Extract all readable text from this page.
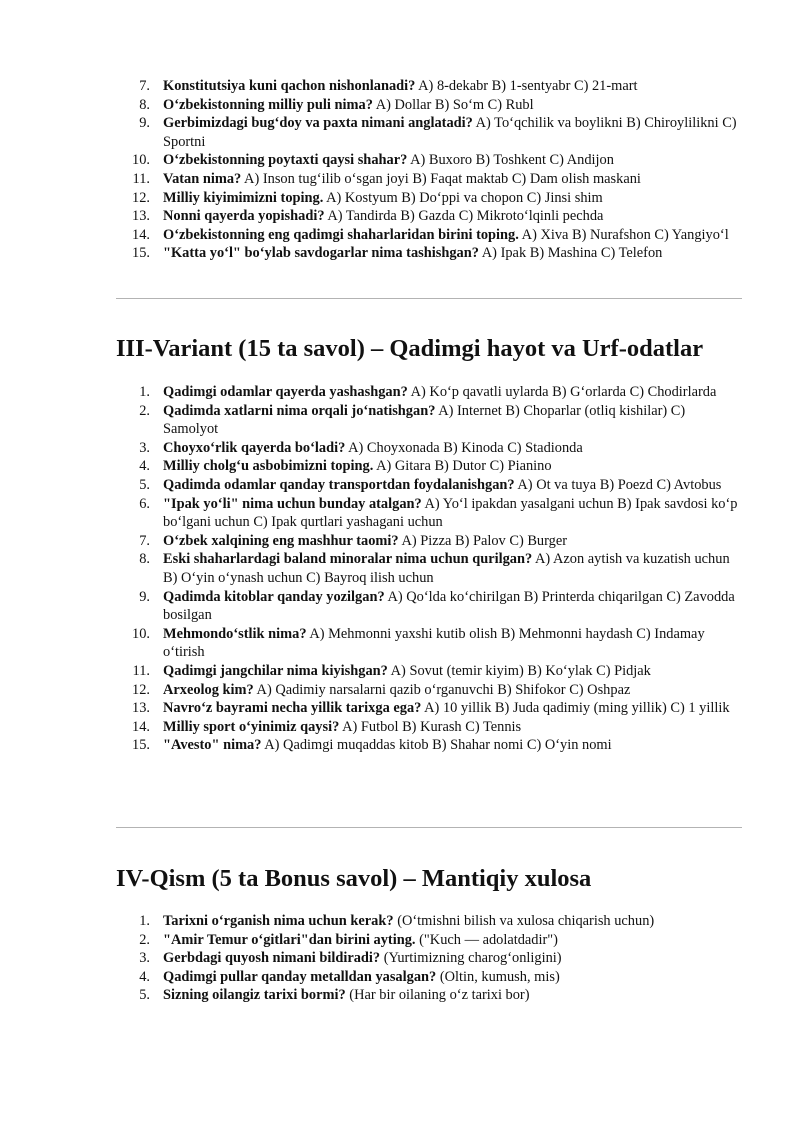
7. Konstitutsiya kuni qachon nishonlanadi? A) 8-dekabr B) 1-sentyabr C) 21-mart
8. O‘zbekistonning milliy puli nima? A) Dollar B) So‘m C) Rubl
9. Gerbimizdagi bug‘doy va paxta nimani anglatadi? A) To‘qchilik va boylikni B) Chiroylilikni C) Sportni
10. O‘zbekistonning poytaxti qaysi shahar? A) Buxoro B) Toshkent C) Andijon
11. Vatan nima? A) Inson tug‘ilib o‘sgan joyi B) Faqat maktab C) Dam olish maskani
12. Milliy kiyimimizni toping. A) Kostyum B) Do‘ppi va chopon C) Jinsi shim
13. Nonni qayerda yopishadi? A) Tandirda B) Gazda C) Mikroto‘lqinli pechda
14. O‘zbekistonning eng qadimgi shaharlaridan birini toping. A) Xiva B) Nurafshon C) Yangiyo‘l
15. "Katta yo‘l" bo‘ylab savdogarlar nima tashishgan? A) Ipak B) Mashina C) Telefon
III-Variant (15 ta savol) – Qadimgi hayot va Urf-odatlar
1. Qadimgi odamlar qayerda yashashgan? A) Ko‘p qavatli uylarda B) G‘orlarda C) Chodirlarda
2. Qadimda xatlarni nima orqali jo‘natishgan? A) Internet B) Choparlar (otliq kishilar) C) Samolyot
3. Choyxo‘rlik qayerda bo‘ladi? A) Choyxonada B) Kinoda C) Stadionda
4. Milliy cholg‘u asbobimizni toping. A) Gitara B) Dutor C) Pianino
5. Qadimda odamlar qanday transportdan foydalanishgan? A) Ot va tuya B) Poezd C) Avtobus
6. "Ipak yo‘li" nima uchun bunday atalgan? A) Yo‘l ipakdan yasalgani uchun B) Ipak savdosi ko‘p bo‘lgani uchun C) Ipak qurtlari yashagani uchun
7. O‘zbek xalqining eng mashhur taomi? A) Pizza B) Palov C) Burger
8. Eski shaharlardagi baland minoralar nima uchun qurilgan? A) Azon aytish va kuzatish uchun B) O‘yin o‘ynash uchun C) Bayroq ilish uchun
9. Qadimda kitoblar qanday yozilgan? A) Qo‘lda ko‘chirilgan B) Printerda chiqarilgan C) Zavodda bosilgan
10. Mehmondo‘stlik nima? A) Mehmonni yaxshi kutib olish B) Mehmonni haydash C) Indamay o‘tirish
11. Qadimgi jangchilar nima kiyishgan? A) Sovut (temir kiyim) B) Ko‘ylak C) Pidjak
12. Arxeolog kim? A) Qadimiy narsalarni qazib o‘rganuvchi B) Shifokor C) Oshpaz
13. Navro‘z bayrami necha yillik tarixga ega? A) 10 yillik B) Juda qadimiy (ming yillik) C) 1 yillik
14. Milliy sport o‘yinimiz qaysi? A) Futbol B) Kurash C) Tennis
15. "Avesto" nima? A) Qadimgi muqaddas kitob B) Shahar nomi C) O‘yin nomi
IV-Qism (5 ta Bonus savol) – Mantiqiy xulosa
1. Tarixni o‘rganish nima uchun kerak? (O‘tmishni bilish va xulosa chiqarish uchun)
2. "Amir Temur o‘gitlari"dan birini ayting. ("Kuch — adolatdadir")
3. Gerbdagi quyosh nimani bildiradi? (Yurtimizning charog‘onligini)
4. Qadimgi pullar qanday metalldan yasalgan? (Oltin, kumush, mis)
5. Sizning oilangiz tarixi bormi? (Har bir oilaning o‘z tarixi bor)
